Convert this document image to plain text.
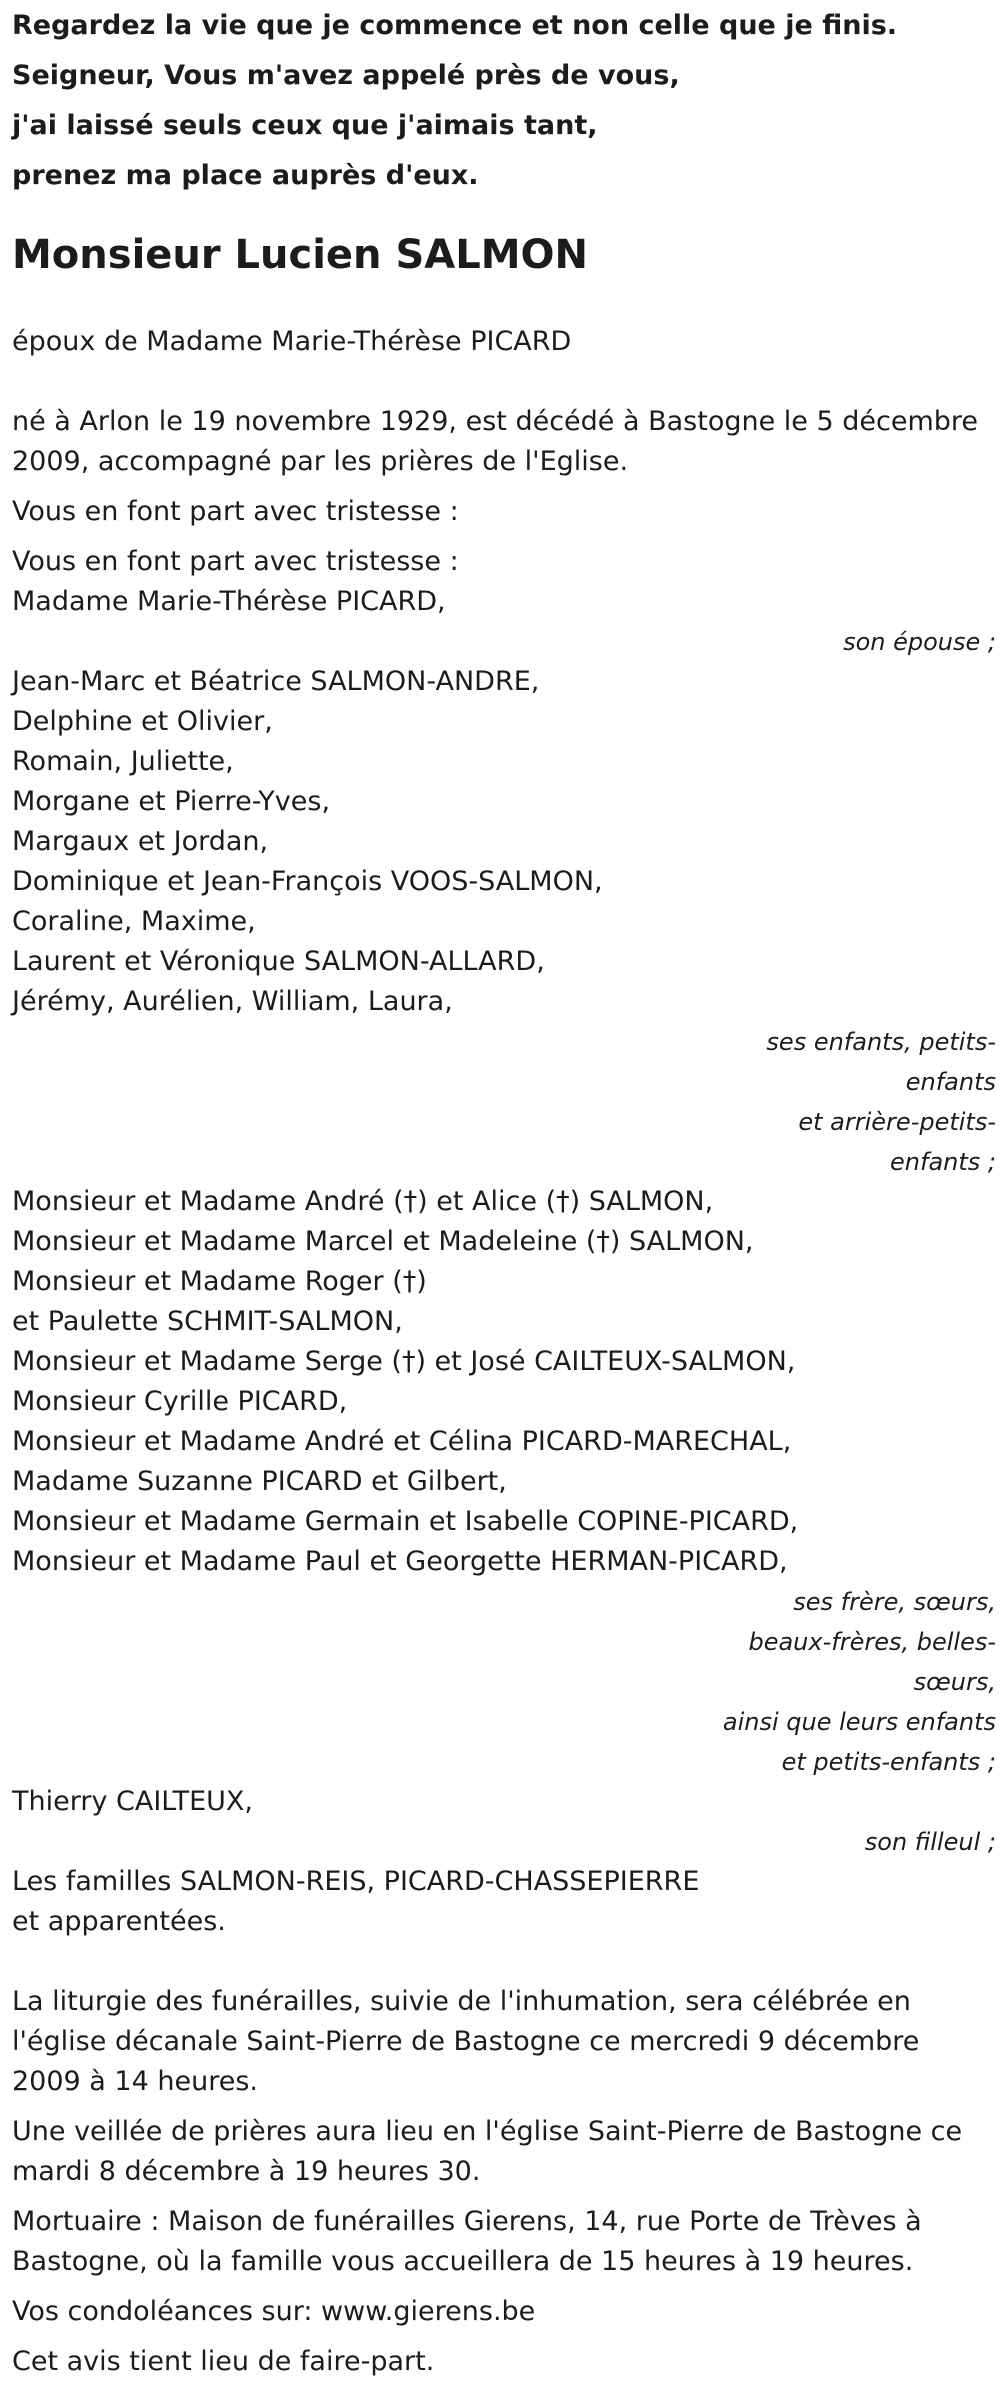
Regardez la vie que je commence et non celle que je finis.

Seigneur, Vous m'avez appelé près de vous,

j'ai laissé seuls ceux que j'aimais tant,

prenez ma place auprès d'eux.

Monsieur Lucien SALMON

époux de Madame Marie-Thérèse PICARD

né à Arlon le 19 novembre 1929, est décédé à Bastogne le 5 décembre 2009, accompagné par les prières de l'Eglise.

Vous en font part avec tristesse :

Vous en font part avec tristesse :
Madame Marie-Thérèse PICARD,
son épouse ;
Jean-Marc et Béatrice SALMON-ANDRE,
Delphine et Olivier,
Romain, Juliette,
Morgane et Pierre-Yves,
Margaux et Jordan,
Dominique et Jean-François VOOS-SALMON,
Coraline, Maxime,
Laurent et Véronique SALMON-ALLARD,
Jérémy, Aurélien, William, Laura,
ses enfants, petits-enfants
et arrière-petits-enfants ;
Monsieur et Madame André (†) et Alice (†) SALMON,
Monsieur et Madame Marcel et Madeleine (†) SALMON,
Monsieur et Madame Roger (†)
et Paulette SCHMIT-SALMON,
Monsieur et Madame Serge (†) et José CAILTEUX-SALMON,
Monsieur Cyrille PICARD,
Monsieur et Madame André et Célina PICARD-MARECHAL,
Madame Suzanne PICARD et Gilbert,
Monsieur et Madame Germain et Isabelle COPINE-PICARD,
Monsieur et Madame Paul et Georgette HERMAN-PICARD,
ses frère, sœurs, beaux-frères, belles-sœurs,
ainsi que leurs enfants et petits-enfants ;
Thierry CAILTEUX,
son filleul ;
Les familles SALMON-REIS, PICARD-CHASSEPIERRE
et apparentées.

La liturgie des funérailles, suivie de l'inhumation, sera célébrée en l'église décanale Saint-Pierre de Bastogne ce mercredi 9 décembre 2009 à 14 heures.

Une veillée de prières aura lieu en l'église Saint-Pierre de Bastogne ce mardi 8 décembre à 19 heures 30.

Mortuaire : Maison de funérailles Gierens, 14, rue Porte de Trèves à Bastogne, où la famille vous accueillera de 15 heures à 19 heures.

Vos condoléances sur: www.gierens.be

Cet avis tient lieu de faire-part.
